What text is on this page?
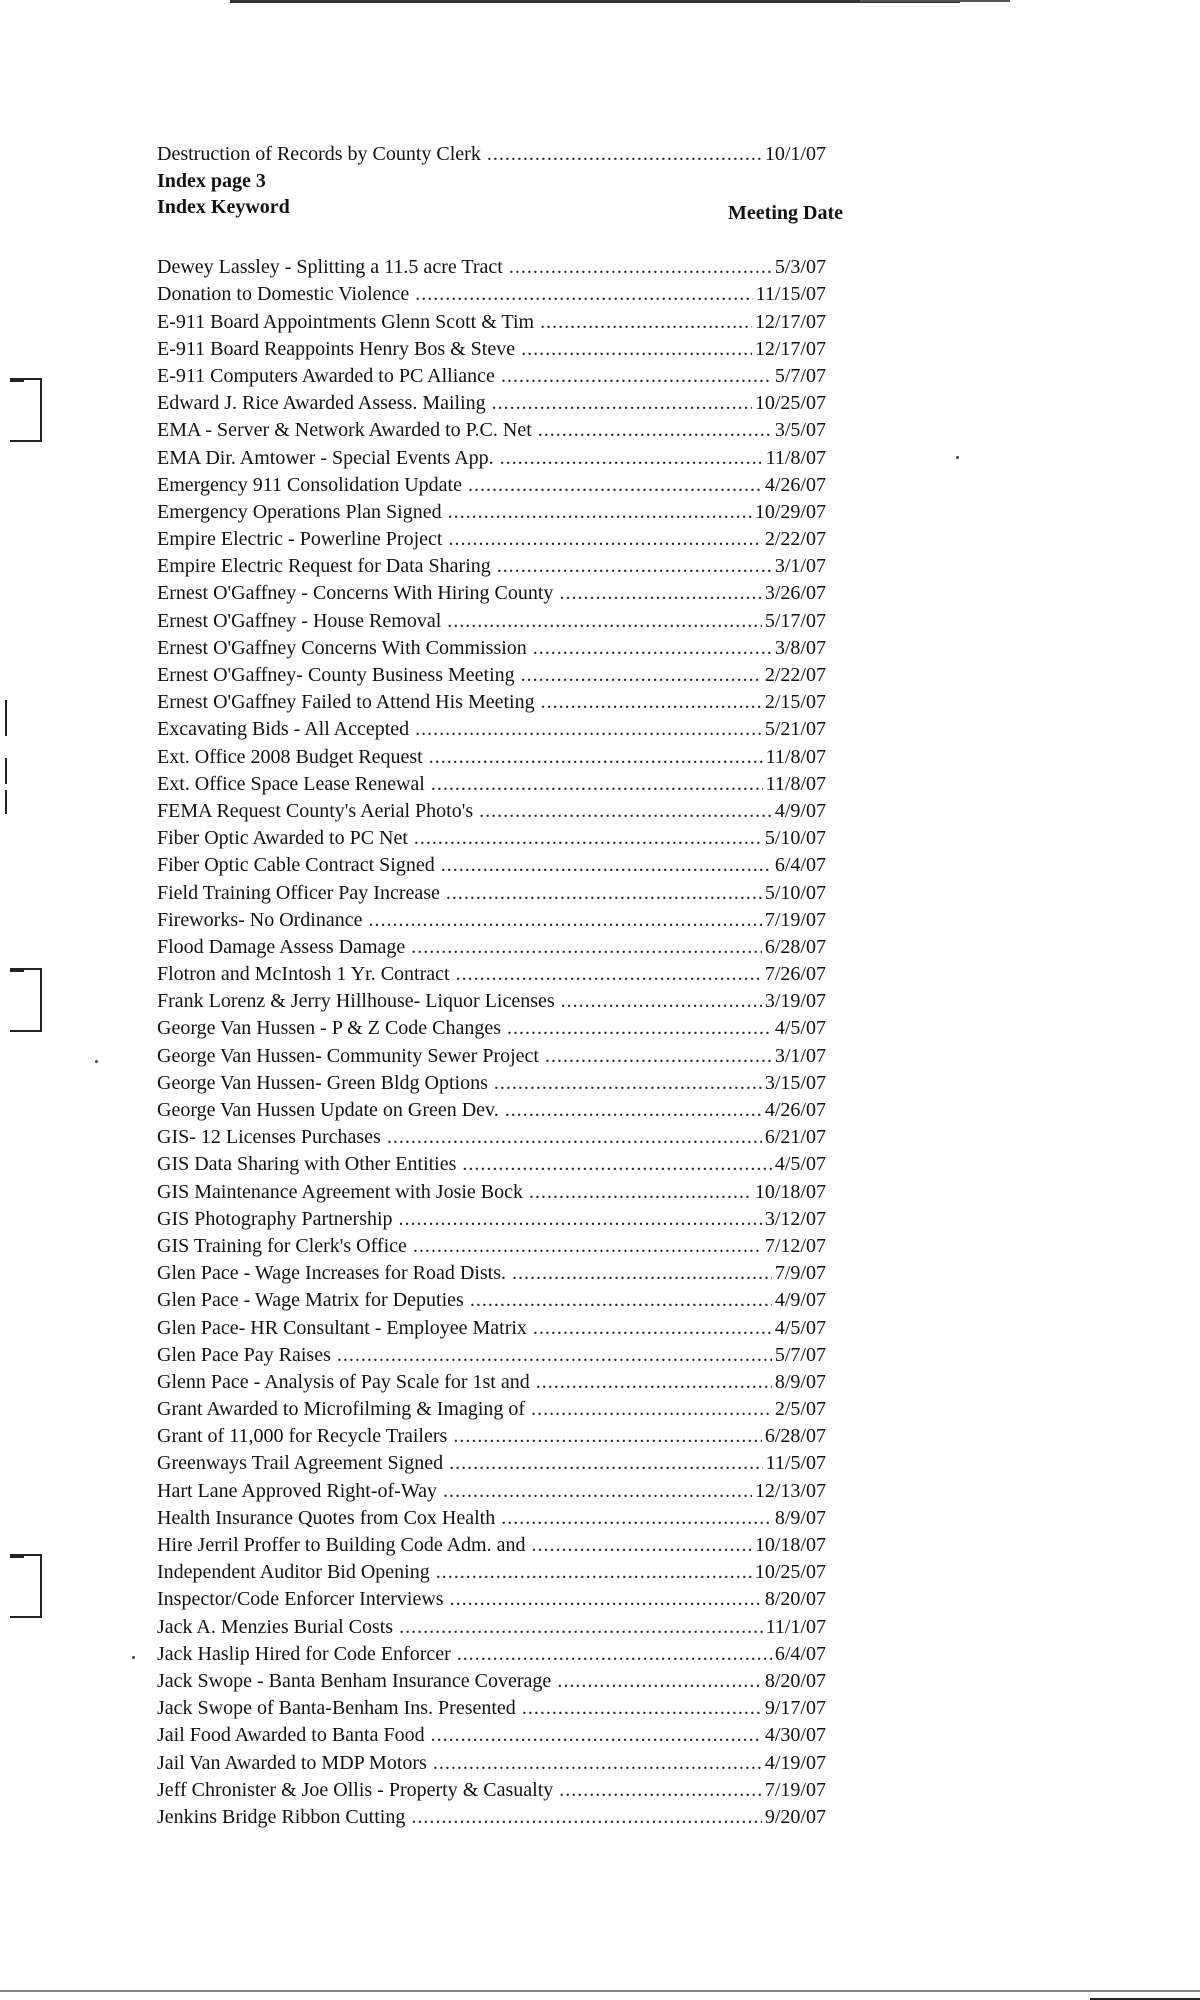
Destruction of Records by County Clerk .....	10/1/07
Index page 3
Index Keyword	Meeting Date
Dewey Lassley - Splitting a 11.5 acre Tract .....	5/3/07
Donation to Domestic Violence .....	11/15/07
E-911 Board Appointments Glenn Scott & Tim .....	12/17/07
E-911 Board Reappoints Henry Bos & Steve .....	12/17/07
E-911 Computers Awarded to PC Alliance .....	5/7/07
Edward J. Rice Awarded Assess. Mailing .....	10/25/07
EMA - Server & Network Awarded to P.C. Net .....	3/5/07
EMA Dir. Amtower - Special Events App. .....	11/8/07
Emergency 911 Consolidation Update .....	4/26/07
Emergency Operations Plan Signed .....	10/29/07
Empire Electric - Powerline Project .....	2/22/07
Empire Electric Request for Data Sharing .....	3/1/07
Ernest O'Gaffney - Concerns With Hiring County .....	3/26/07
Ernest O'Gaffney - House Removal .....	5/17/07
Ernest O'Gaffney Concerns With Commission .....	3/8/07
Ernest O'Gaffney- County Business Meeting .....	2/22/07
Ernest O'Gaffney Failed to Attend His Meeting .....	2/15/07
Excavating Bids - All Accepted .....	5/21/07
Ext. Office 2008 Budget Request .....	11/8/07
Ext. Office Space Lease Renewal .....	11/8/07
FEMA Request County's Aerial Photo's .....	4/9/07
Fiber Optic Awarded to PC Net .....	5/10/07
Fiber Optic Cable Contract Signed .....	6/4/07
Field Training Officer Pay Increase .....	5/10/07
Fireworks- No Ordinance .....	7/19/07
Flood Damage Assess Damage .....	6/28/07
Flotron and McIntosh 1 Yr. Contract .....	7/26/07
Frank Lorenz & Jerry Hillhouse- Liquor Licenses .....	3/19/07
George Van Hussen - P & Z Code Changes .....	4/5/07
George Van Hussen- Community Sewer Project .....	3/1/07
George Van Hussen- Green Bldg Options .....	3/15/07
George Van Hussen Update on Green Dev. .....	4/26/07
GIS- 12 Licenses Purchases .....	6/21/07
GIS Data Sharing with Other Entities .....	4/5/07
GIS Maintenance Agreement with Josie Bock .....	10/18/07
GIS Photography Partnership .....	3/12/07
GIS Training for Clerk's Office .....	7/12/07
Glen Pace - Wage Increases for Road Dists. .....	7/9/07
Glen Pace - Wage Matrix for Deputies .....	4/9/07
Glen Pace- HR Consultant - Employee Matrix .....	4/5/07
Glen Pace Pay Raises .....	5/7/07
Glenn Pace - Analysis of Pay Scale for 1st and .....	8/9/07
Grant Awarded to Microfilming & Imaging of .....	2/5/07
Grant of 11,000 for Recycle Trailers .....	6/28/07
Greenways Trail Agreement Signed .....	11/5/07
Hart Lane Approved Right-of-Way .....	12/13/07
Health Insurance Quotes from Cox Health .....	8/9/07
Hire Jerril Proffer to Building Code Adm. and .....	10/18/07
Independent Auditor Bid Opening .....	10/25/07
Inspector/Code Enforcer Interviews .....	8/20/07
Jack A. Menzies Burial Costs .....	11/1/07
Jack Haslip Hired for Code Enforcer .....	6/4/07
Jack Swope - Banta Benham Insurance Coverage .....	8/20/07
Jack Swope of Banta-Benham Ins. Presented .....	9/17/07
Jail Food Awarded to Banta Food .....	4/30/07
Jail Van Awarded to MDP Motors .....	4/19/07
Jeff Chronister & Joe Ollis - Property & Casualty .....	7/19/07
Jenkins Bridge Ribbon Cutting .....	9/20/07
